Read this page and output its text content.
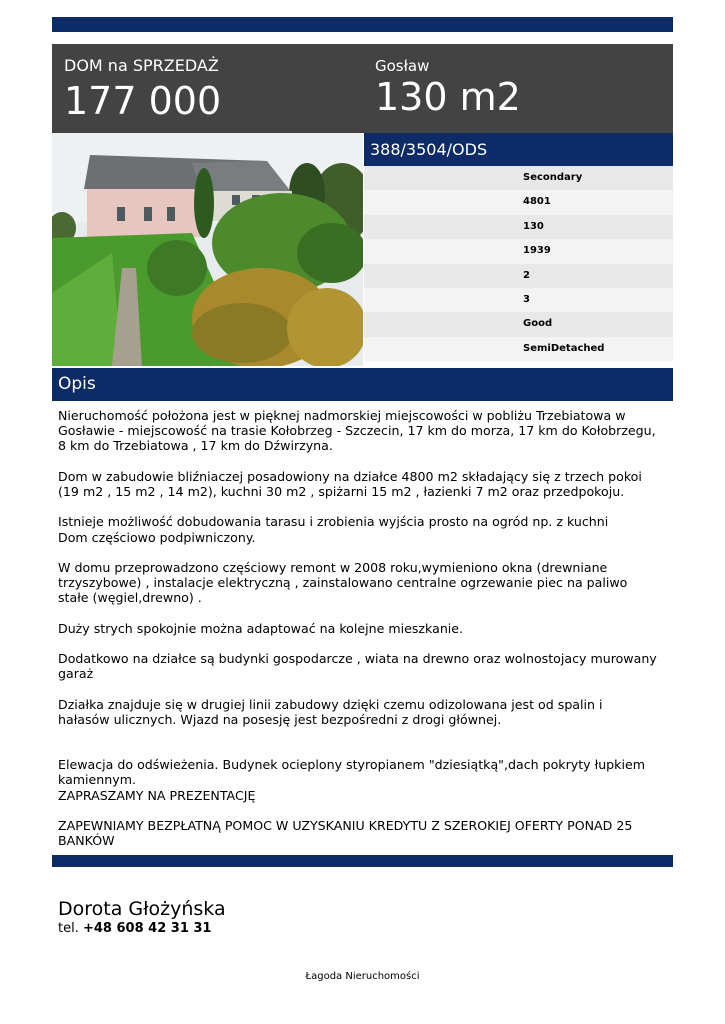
DOM na SPRZEDAŻ
177 000
Gosław
130 m2
388/3504/ODS
Secondary
4801
130
1939
2
3
Good
SemiDetached
Opis

Nieruchomość położona jest w pięknej nadmorskiej miejscowości w pobliżu Trzebiatowa w Gosławie - miejscowość na trasie Kołobrzeg - Szczecin, 17 km do morza, 17 km do Kołobrzegu, 8 km do Trzebiatowa , 17 km do Dźwirzyna.

Dom w zabudowie bliźniaczej posadowiony na działce 4800 m2 składający się z trzech pokoi (19 m2 , 15 m2 , 14 m2), kuchni 30 m2 , spiżarni 15 m2 , łazienki 7 m2 oraz przedpokoju.

Istnieje możliwość dobudowania tarasu i zrobienia wyjścia prosto na ogród np. z kuchni

Dom częściowo podpiwniczony.

W domu przeprowadzono częściowy remont w 2008 roku,wymieniono okna (drewniane trzyszybowe) , instalacje elektryczną , zainstalowano centralne ogrzewanie piec na paliwo stałe (węgiel,drewno) .

Duży strych spokojnie można adaptować na kolejne mieszkanie.

Dodatkowo na działce są budynki gospodarcze , wiata na drewno oraz wolnostojacy murowany garaż

Działka znajduje się w drugiej linii zabudowy dzięki czemu odizolowana jest od spalin i hałasów ulicznych. Wjazd na posesję jest bezpośredni z drogi głównej.

Elewacja do odświeżenia. Budynek ocieplony styropianem "dziesiątką",dach pokryty łupkiem kamiennym.

ZAPRASZAMY NA PREZENTACJĘ

ZAPEWNIAMY BEZPŁATNĄ POMOC W UZYSKANIU KREDYTU Z SZEROKIEJ OFERTY PONAD 25 BANKÓW

Dorota Głożyńska
tel. +48 608 42 31 31
Łagoda Nieruchomości
